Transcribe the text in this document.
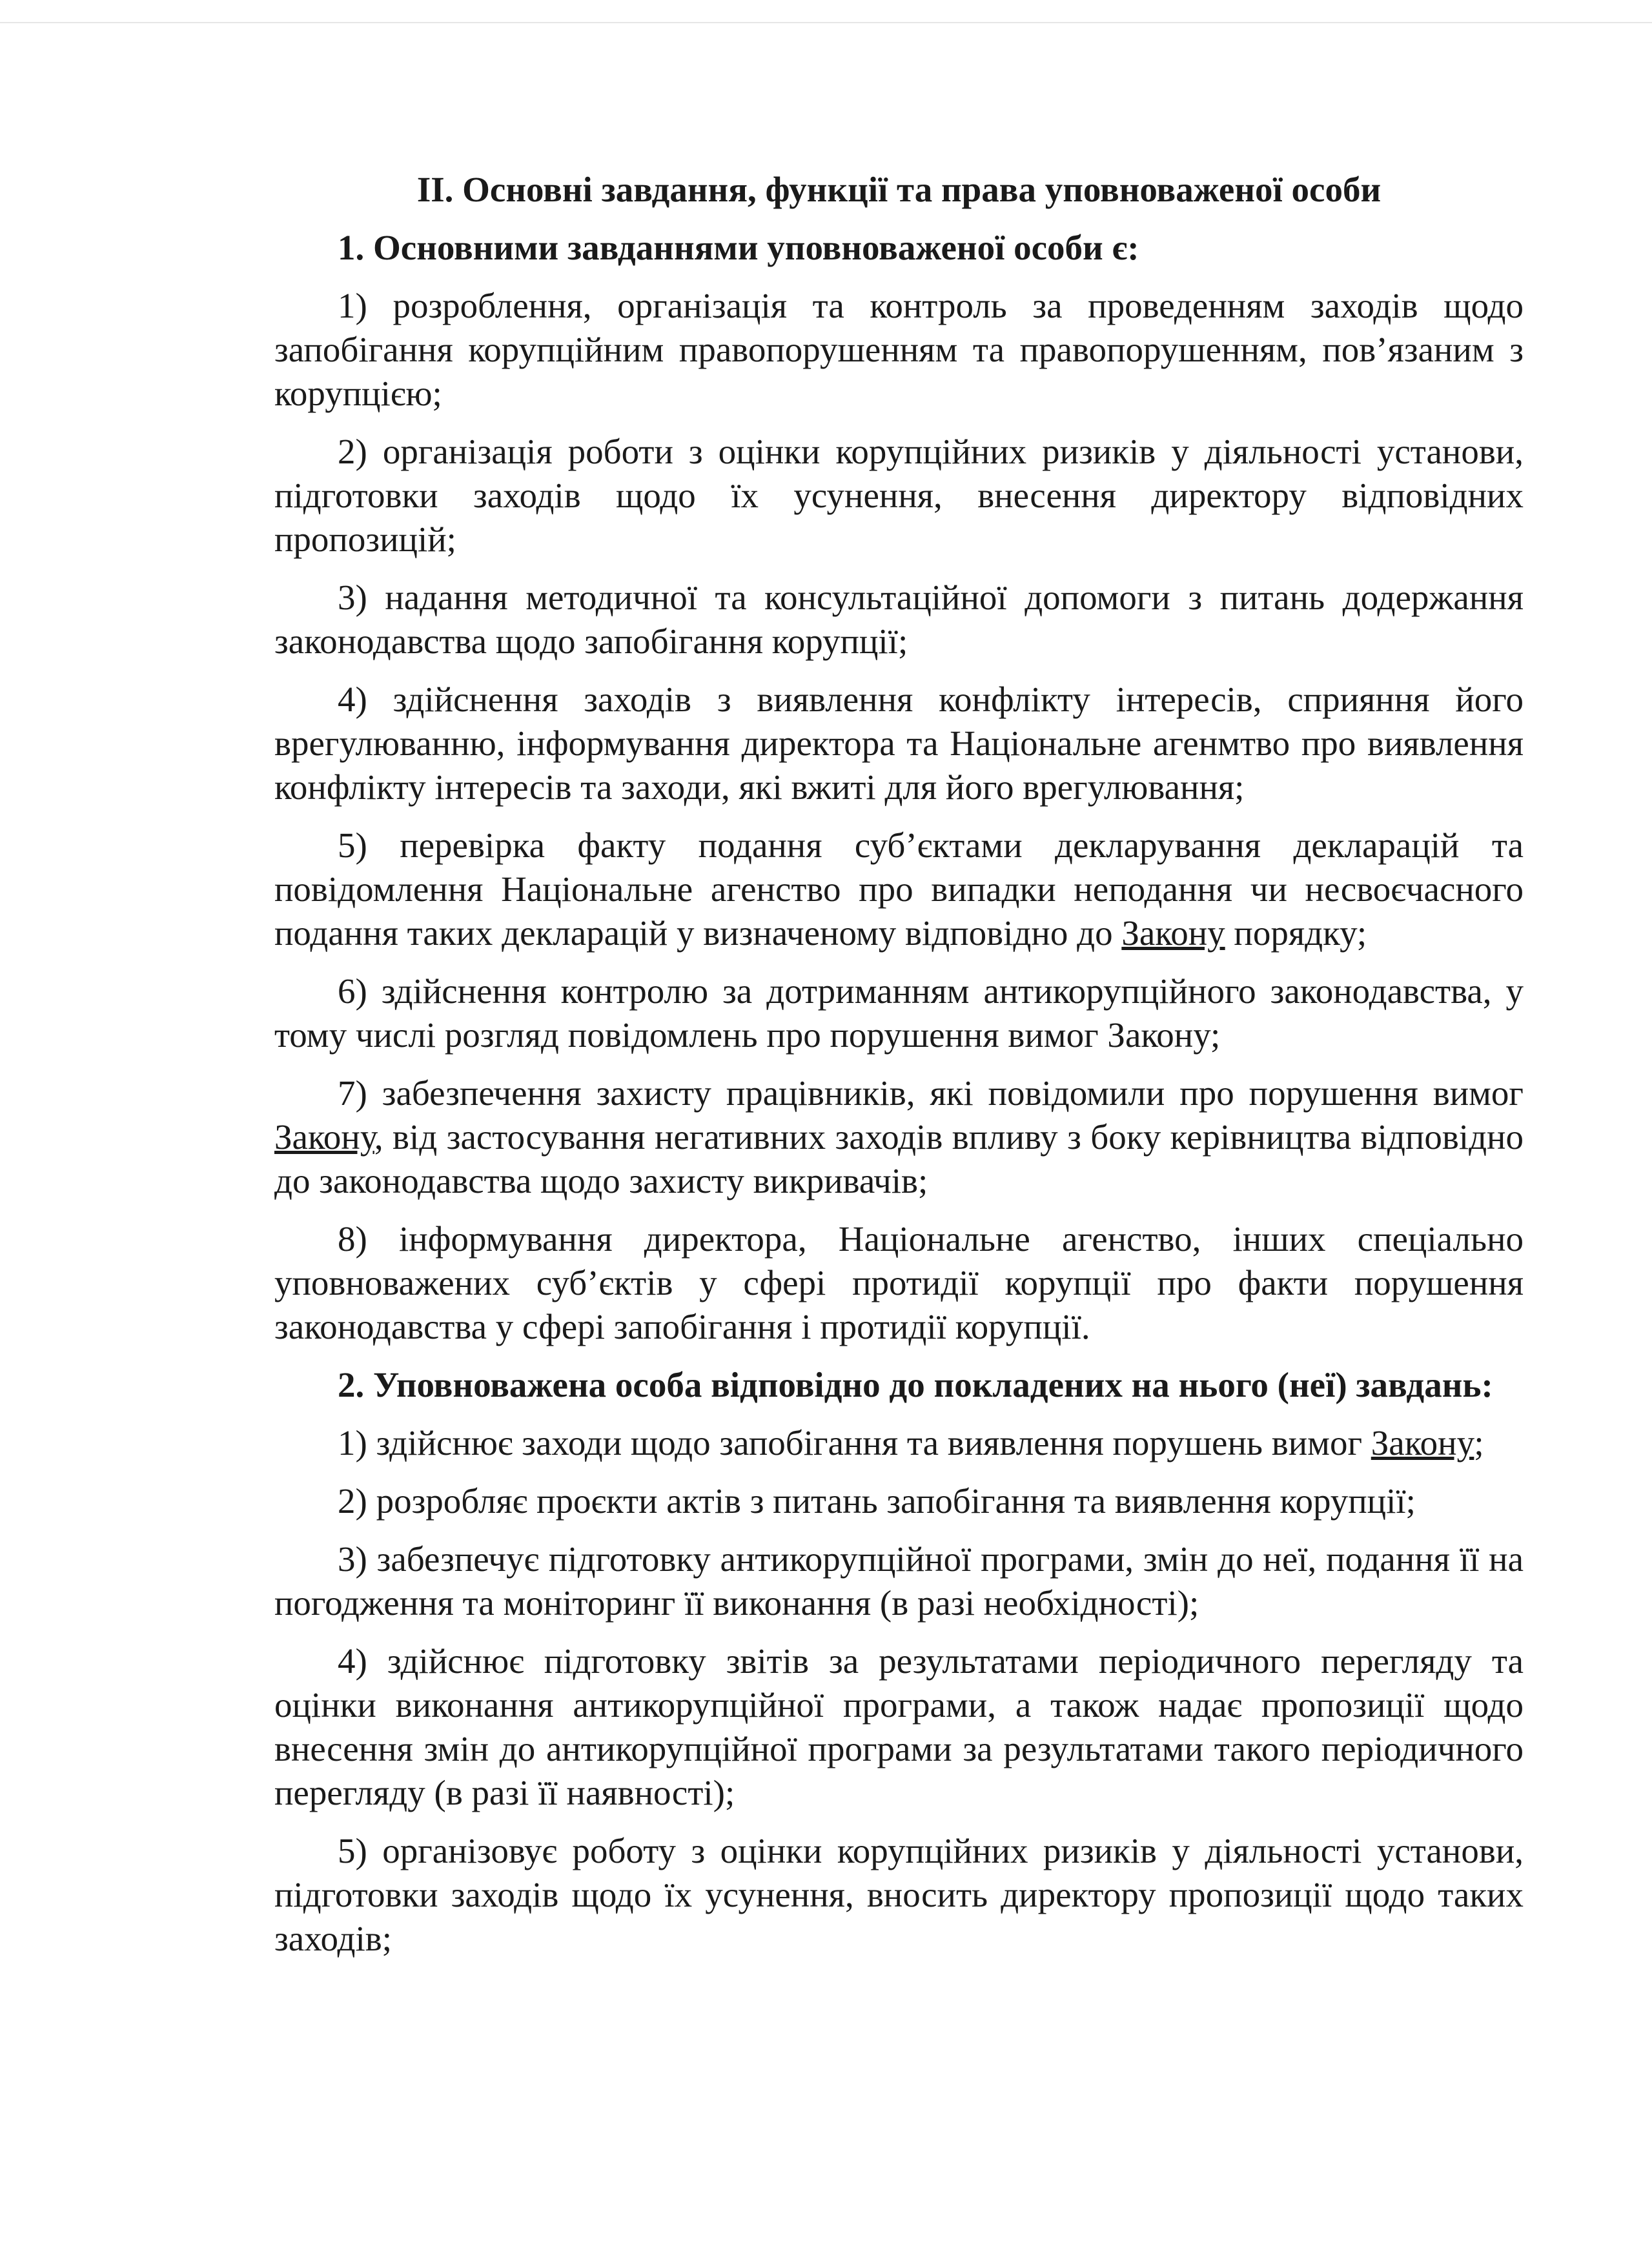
II. Основні завдання, функції та права уповноваженої особи
1. Основними завданнями уповноваженої особи є:
1) розроблення, організація та контроль за проведенням заходів щодо запобігання корупційним правопорушенням та правопорушенням, пов’язаним з корупцією;
2) організація роботи з оцінки корупційних ризиків у діяльності установи, підготовки заходів щодо їх усунення, внесення директору відповідних пропозицій;
3) надання методичної та консультаційної допомоги з питань додержання законодавства щодо запобігання корупції;
4) здійснення заходів з виявлення конфлікту інтересів, сприяння його врегулюванню, інформування директора та Національне агенмтво про виявлення конфлікту інтересів та заходи, які вжиті для його врегулювання;
5) перевірка факту подання суб’єктами декларування декларацій та повідомлення Національне агенство про випадки неподання чи несвоєчасного подання таких декларацій у визначеному відповідно до Закону порядку;
6) здійснення контролю за дотриманням антикорупційного законодавства, у тому числі розгляд повідомлень про порушення вимог Закону;
7) забезпечення захисту працівників, які повідомили про порушення вимог Закону, від застосування негативних заходів впливу з боку керівництва відповідно до законодавства щодо захисту викривачів;
8) інформування директора, Національне агенство, інших спеціально уповноважених суб’єктів у сфері протидії корупції про факти порушення законодавства у сфері запобігання і протидії корупції.
2. Уповноважена особа відповідно до покладених на нього (неї) завдань:
1) здійснює заходи щодо запобігання та виявлення порушень вимог Закону;
2) розробляє проєкти актів з питань запобігання та виявлення корупції;
3) забезпечує підготовку антикорупційної програми, змін до неї, подання її на погодження та моніторинг її виконання (в разі необхідності);
4) здійснює підготовку звітів за результатами періодичного перегляду та оцінки виконання антикорупційної програми, а також надає пропозиції щодо внесення змін до антикорупційної програми за результатами такого періодичного перегляду (в разі її наявності);
5) організовує роботу з оцінки корупційних ризиків у діяльності установи, підготовки заходів щодо їх усунення, вносить директору пропозиції щодо таких заходів;
